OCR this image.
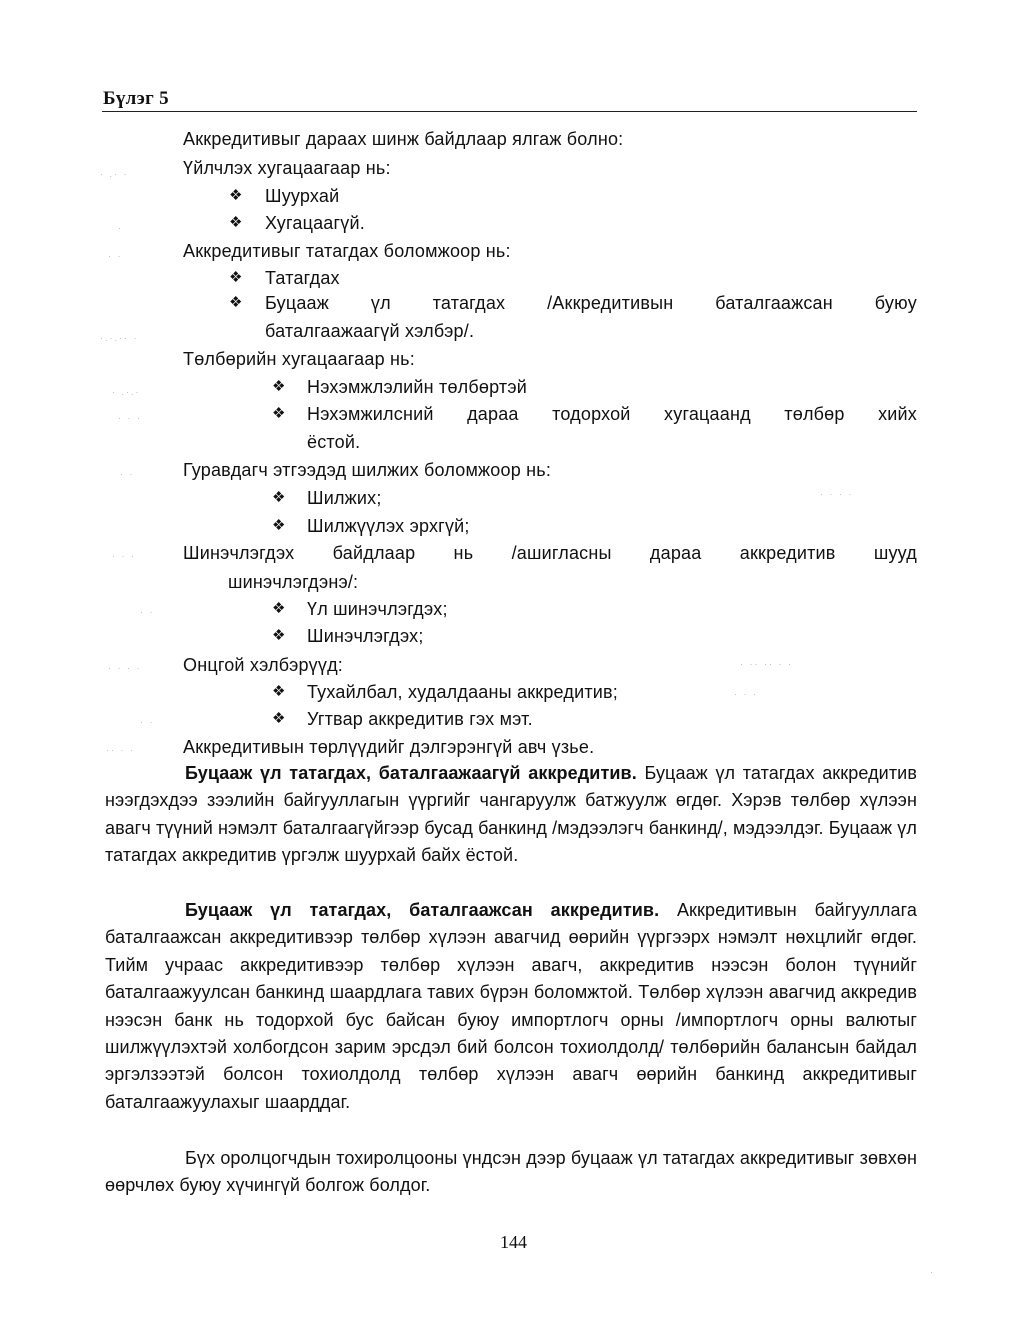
Бүлэг 5
Аккредитивыг дараах шинж байдлаар ялгаж болно:
Үйлчлэх хугацаагаар нь:
❖ Шуурхай
❖ Хугацаагүй.
Аккредитивыг татагдах боломжоор нь:
❖ Татагдах
❖ Буцааж үл татагдах /Аккредитивын баталгаажсан буюу
баталгаажаагүй хэлбэр/.
Төлбөрийн хугацаагаар нь:
❖ Нэхэмжлэлийн төлбөртэй
❖ Нэхэмжилсний дараа тодорхой хугацаанд төлбөр хийх
ёстой.
Гуравдагч этгээдэд шилжих боломжоор нь:
❖ Шилжих;
❖ Шилжүүлэх эрхгүй;
Шинэчлэгдэх байдлаар нь /ашигласны дараа аккредитив шууд
шинэчлэгдэнэ/:
❖ Үл шинэчлэгдэх;
❖ Шинэчлэгдэх;
Онцгой хэлбэрүүд:
❖ Тухайлбал, худалдааны аккредитив;
❖ Угтвар аккредитив гэх мэт.
Аккредитивын төрлүүдийг дэлгэрэнгүй авч үзье.
Буцааж үл татагдах, баталгаажаагүй аккредитив. Буцааж үл татагдах аккредитив нээгдэхдээ зээлийн байгууллагын үүргийг чангаруулж батжуулж өгдөг. Хэрэв төлбөр хүлээн авагч түүний нэмэлт баталгаагүйгээр бусад банкинд /мэдээлэгч банкинд/, мэдээлдэг. Буцааж үл татагдах аккредитив үргэлж шуурхай байх ёстой.
Буцааж үл татагдах, баталгаажсан аккредитив. Аккредитивын байгууллага баталгаажсан аккредитивээр төлбөр хүлээн авагчид өөрийн үүргээрх нэмэлт нөхцлийг өгдөг. Тийм учраас аккредитивээр төлбөр хүлээн авагч, аккредитив нээсэн болон түүнийг баталгаажуулсан банкинд шаардлага тавих бүрэн боломжтой. Төлбөр хүлээн авагчид аккредив нээсэн банк нь тодорхой бус байсан буюу импортлогч орны /импортлогч орны валютыг шилжүүлэхтэй холбогдсон зарим эрсдэл бий болсон тохиолдолд/ төлбөрийн балансын байдал эргэлзээтэй болсон тохиолдолд төлбөр хүлээн авагч өөрийн банкинд аккредитивыг баталгаажуулахыг шаарддаг.
Бүх оролцогчдын тохиролцооны үндсэн дээр буцааж үл татагдах аккредитивыг зөвхөн өөрчлөх буюу хүчингүй болгож болдог.
144
· .· ·
·
· ·
·.·.·· ·
· .·.·
· · ·
· ·
· · ·
· ·
· · · ·
· ·
·· · ·
· ·· ·· · ·
· · ·
· · · ·
·
